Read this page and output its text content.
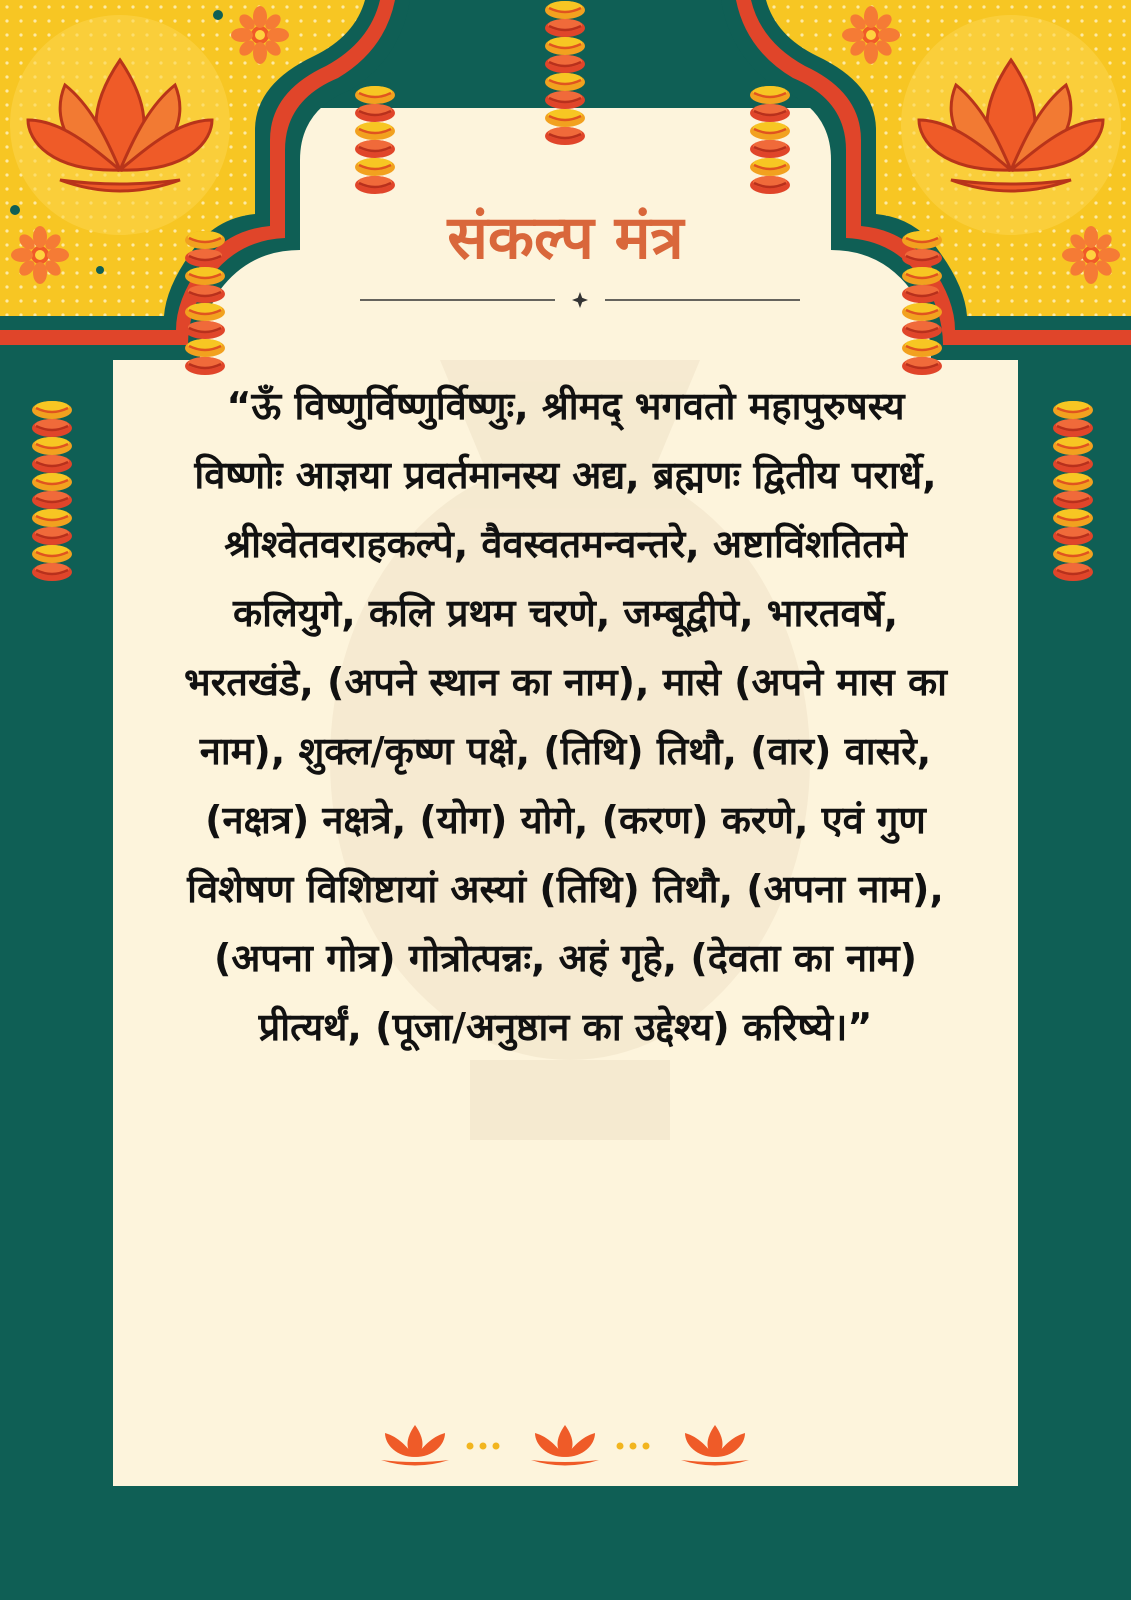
संकल्प मंत्र
“ऊँ विष्णुर्विष्णुर्विष्णुः, श्रीमद् भगवतो महापुरुषस्य विष्णोः आज्ञया प्रवर्तमानस्य अद्य, ब्रह्मणः द्वितीय परार्धे, श्रीश्वेतवराहकल्पे, वैवस्वतमन्वन्तरे, अष्टाविंशतितमे कलियुगे, कलि प्रथम चरणे, जम्बूद्वीपे, भारतवर्षे, भरतखंडे, (अपने स्थान का नाम), मासे (अपने मास का नाम), शुक्ल/कृष्ण पक्षे, (तिथि) तिथौ, (वार) वासरे, (नक्षत्र) नक्षत्रे, (योग) योगे, (करण) करणे, एवं गुण विशेषण विशिष्टायां अस्यां (तिथि) तिथौ, (अपना नाम), (अपना गोत्र) गोत्रोत्पन्नः, अहं गृहे, (देवता का नाम) प्रीत्यर्थं, (पूजा/अनुष्ठान का उद्देश्य) करिष्ये।”
